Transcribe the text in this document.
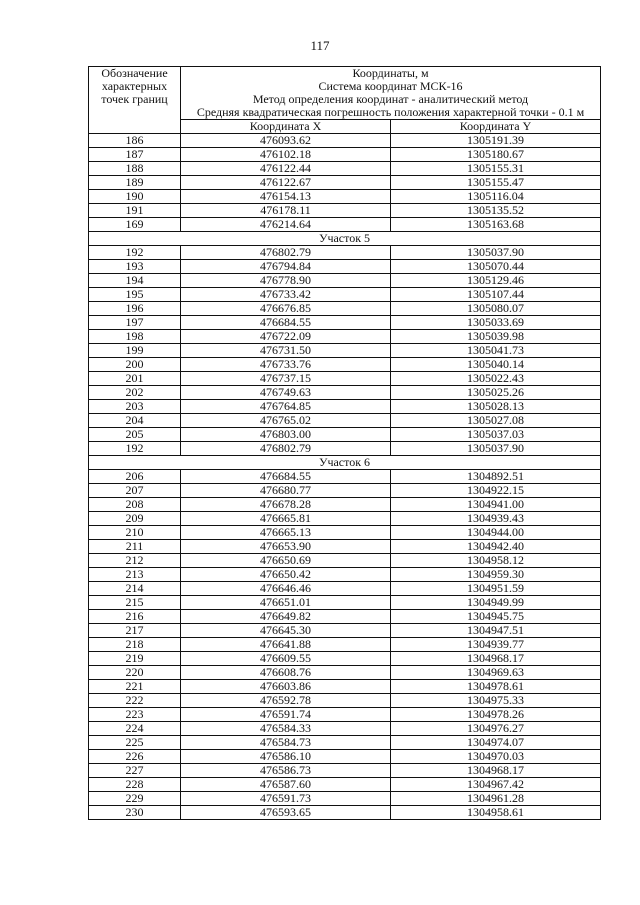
117
Обозначение
характерных
точек границ	Координаты, м
Система координат МСК-16
Метод определения координат - аналитический метод
Средняя квадратическая погрешность положения характерной точки - 0.1 м	
	Координата X	Координата Y
186	476093.62	1305191.39
187	476102.18	1305180.67
188	476122.44	1305155.31
189	476122.67	1305155.47
190	476154.13	1305116.04
191	476178.11	1305135.52
169	476214.64	1305163.68
Участок 5		
192	476802.79	1305037.90
193	476794.84	1305070.44
194	476778.90	1305129.46
195	476733.42	1305107.44
196	476676.85	1305080.07
197	476684.55	1305033.69
198	476722.09	1305039.98
199	476731.50	1305041.73
200	476733.76	1305040.14
201	476737.15	1305022.43
202	476749.63	1305025.26
203	476764.85	1305028.13
204	476765.02	1305027.08
205	476803.00	1305037.03
192	476802.79	1305037.90
Участок 6		
206	476684.55	1304892.51
207	476680.77	1304922.15
208	476678.28	1304941.00
209	476665.81	1304939.43
210	476665.13	1304944.00
211	476653.90	1304942.40
212	476650.69	1304958.12
213	476650.42	1304959.30
214	476646.46	1304951.59
215	476651.01	1304949.99
216	476649.82	1304945.75
217	476645.30	1304947.51
218	476641.88	1304939.77
219	476609.55	1304968.17
220	476608.76	1304969.63
221	476603.86	1304978.61
222	476592.78	1304975.33
223	476591.74	1304978.26
224	476584.33	1304976.27
225	476584.73	1304974.07
226	476586.10	1304970.03
227	476586.73	1304968.17
228	476587.60	1304967.42
229	476591.73	1304961.28
230	476593.65	1304958.61
